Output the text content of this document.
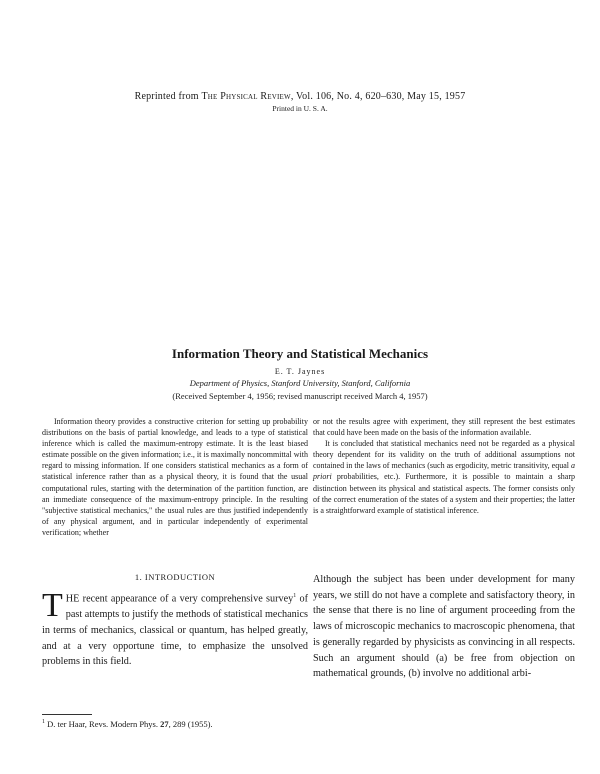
Reprinted from The Physical Review, Vol. 106, No. 4, 620–630, May 15, 1957
Printed in U. S. A.
Information Theory and Statistical Mechanics
E. T. Jaynes
Department of Physics, Stanford University, Stanford, California
(Received September 4, 1956; revised manuscript received March 4, 1957)

Information theory provides a constructive criterion for setting up probability distributions on the basis of partial knowledge, and leads to a type of statistical inference which is called the maximum-entropy estimate. It is the least biased estimate possible on the given information; i.e., it is maximally noncommittal with regard to missing information. If one considers statistical mechanics as a form of statistical inference rather than as a physical theory, it is found that the usual computational rules, starting with the determination of the partition function, are an immediate consequence of the maximum-entropy principle. In the resulting "subjective statistical mechanics," the usual rules are thus justified independently of any physical argument, and in particular independently of experimental verification; whether

or not the results agree with experiment, they still represent the best estimates that could have been made on the basis of the information available.

It is concluded that statistical mechanics need not be regarded as a physical theory dependent for its validity on the truth of additional assumptions not contained in the laws of mechanics (such as ergodicity, metric transitivity, equal a priori probabilities, etc.). Furthermore, it is possible to maintain a sharp distinction between its physical and statistical aspects. The former consists only of the correct enumeration of the states of a system and their properties; the latter is a straightforward example of statistical inference.

1. INTRODUCTION
THE recent appearance of a very comprehensive survey$^1$ of past attempts to justify the methods of statistical mechanics in terms of mechanics, classical or quantum, has helped greatly, and at a very opportune time, to emphasize the unsolved problems in this field.
Although the subject has been under development for many years, we still do not have a complete and satisfactory theory, in the sense that there is no line of argument proceeding from the laws of microscopic mechanics to macroscopic phenomena, that is generally regarded by physicists as convincing in all respects. Such an argument should (a) be free from objection on mathematical grounds, (b) involve no additional arbi-
$^1$ D. ter Haar, Revs. Modern Phys. 27, 289 (1955).
